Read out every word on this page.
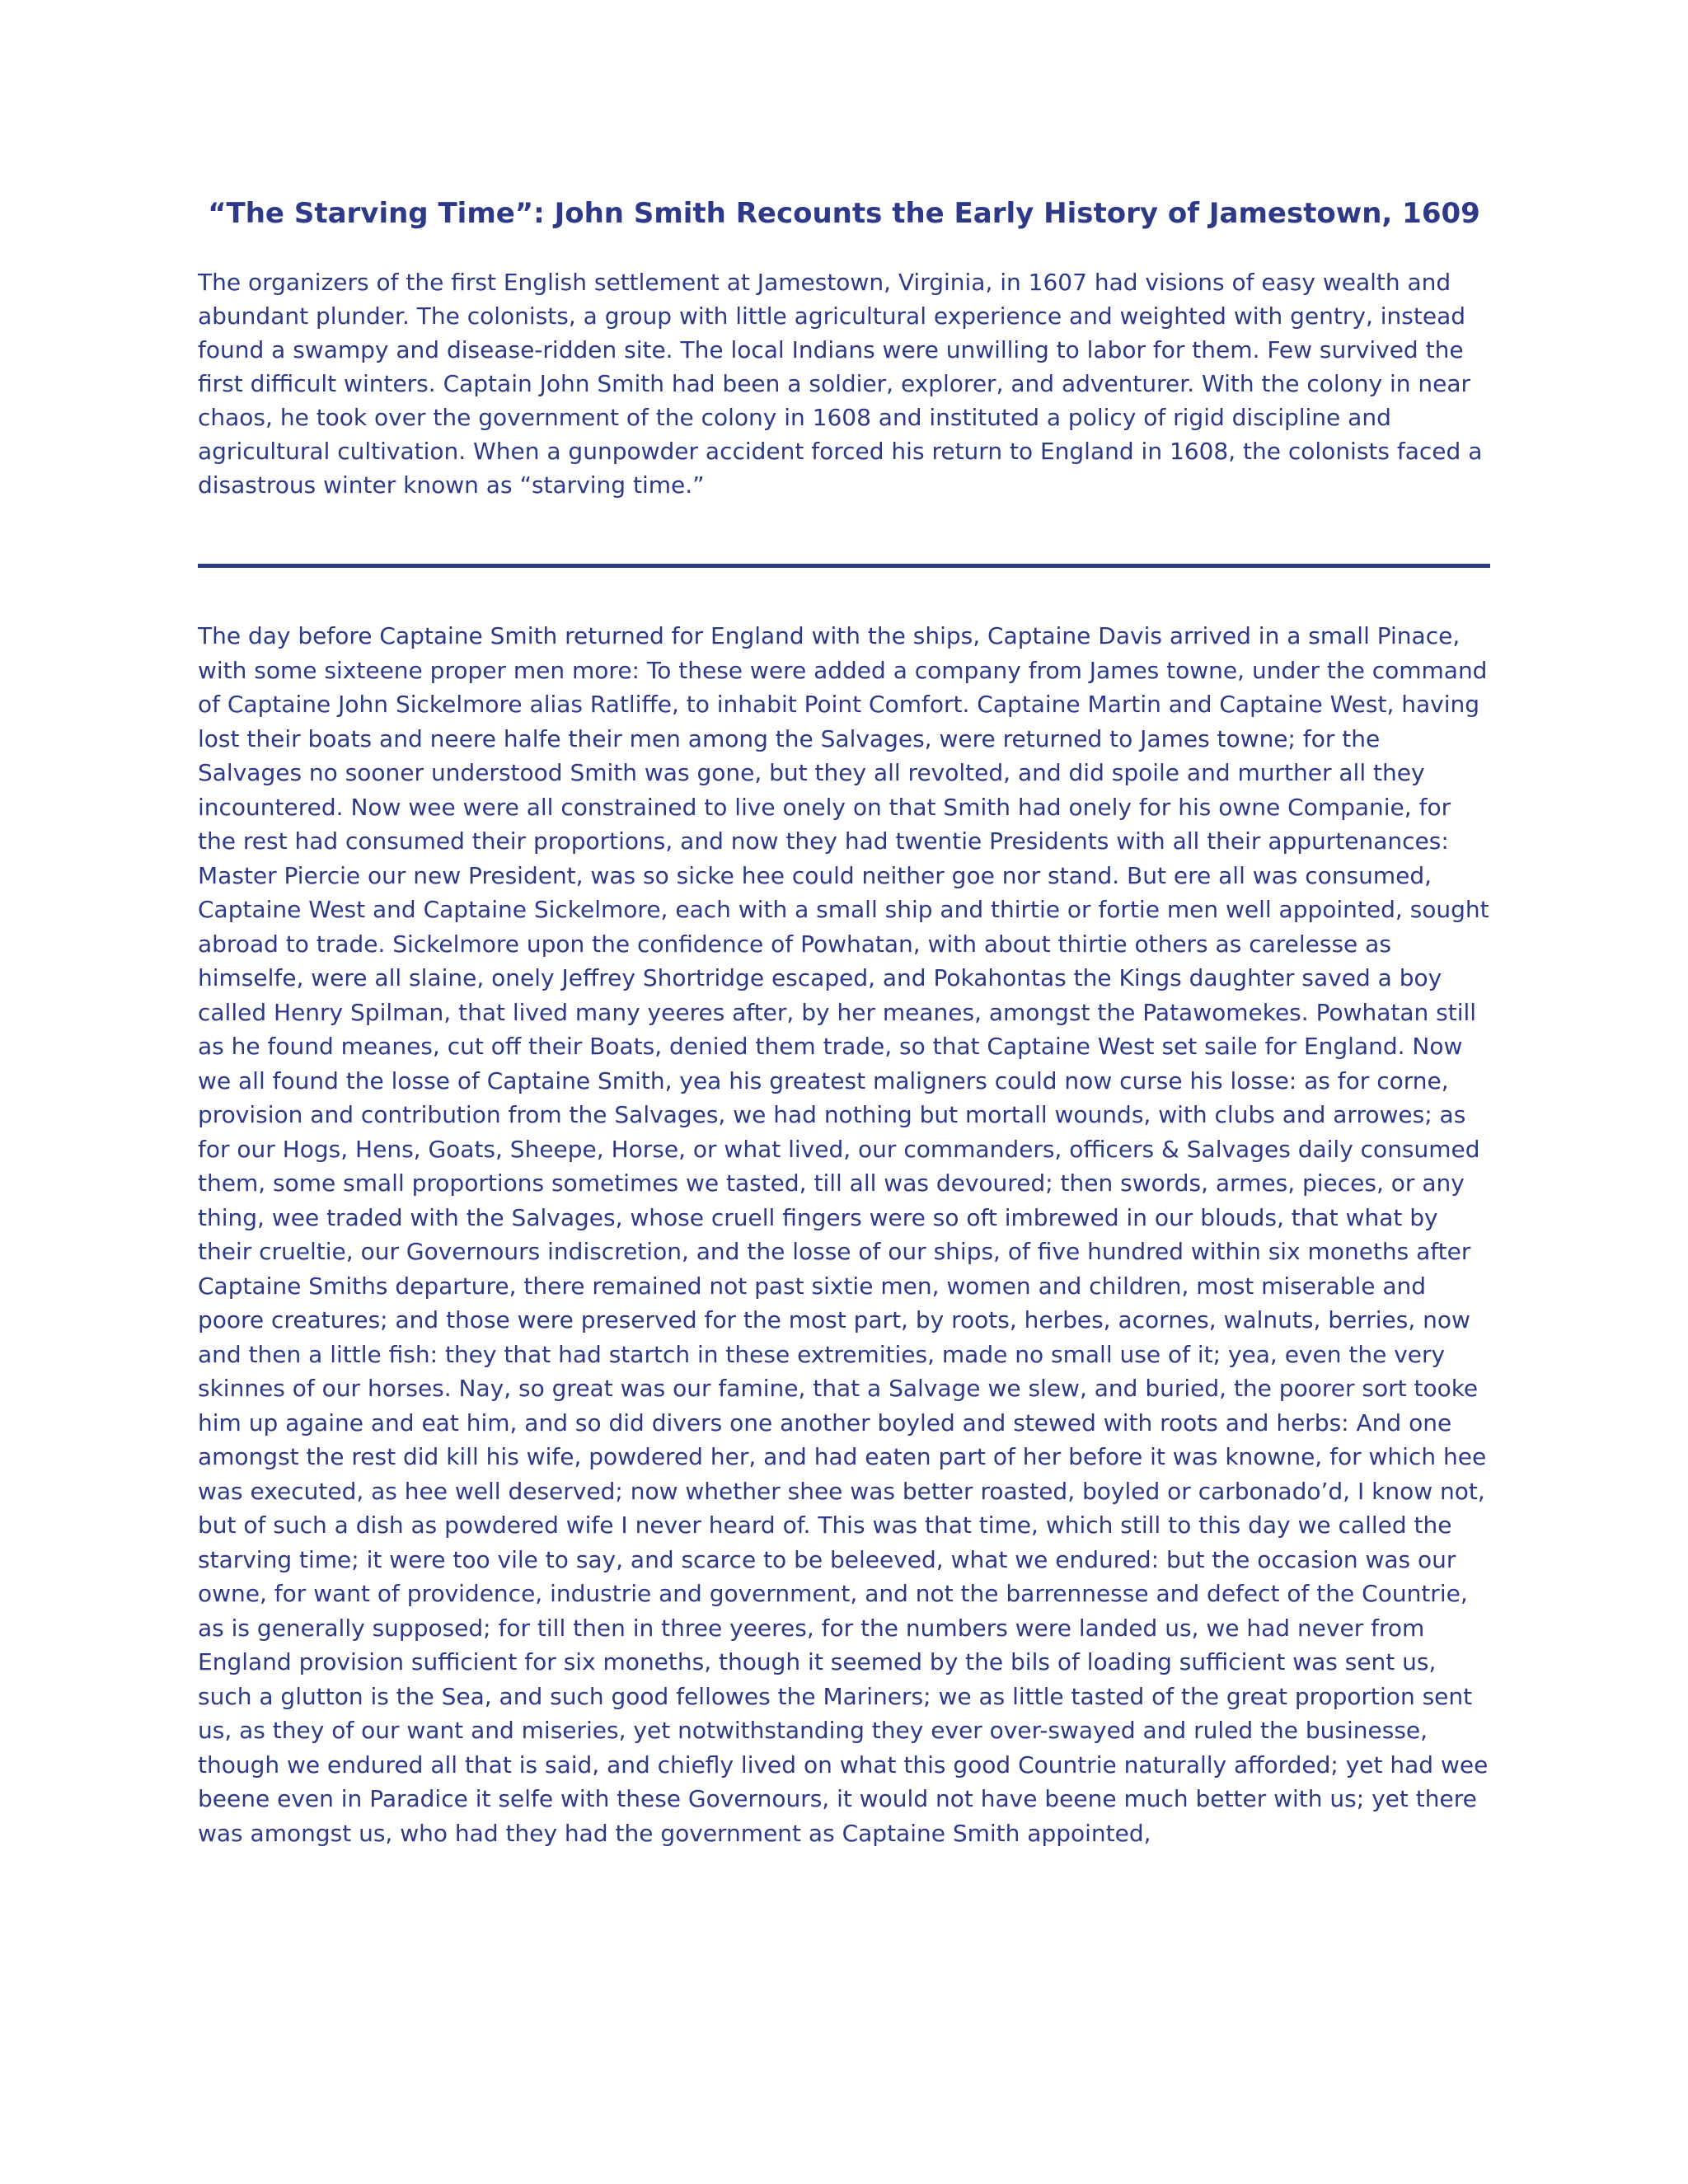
“The Starving Time”: John Smith Recounts the Early History of Jamestown, 1609

The organizers of the first English settlement at Jamestown, Virginia, in 1607 had visions of easy wealth and abundant plunder. The colonists, a group with little agricultural experience and weighted with gentry, instead found a swampy and disease-ridden site. The local Indians were unwilling to labor for them. Few survived the first difficult winters. Captain John Smith had been a soldier, explorer, and adventurer. With the colony in near chaos, he took over the government of the colony in 1608 and instituted a policy of rigid discipline and agricultural cultivation. When a gunpowder accident forced his return to England in 1608, the colonists faced a disastrous winter known as “starving time.”

The day before Captaine Smith returned for England with the ships, Captaine Davis arrived in a small Pinace, with some sixteene proper men more: To these were added a company from James towne, under the command of Captaine John Sickelmore alias Ratliffe, to inhabit Point Comfort. Captaine Martin and Captaine West, having lost their boats and neere halfe their men among the Salvages, were returned to James towne; for the Salvages no sooner understood Smith was gone, but they all revolted, and did spoile and murther all they incountered. Now wee were all constrained to live onely on that Smith had onely for his owne Companie, for the rest had consumed their proportions, and now they had twentie Presidents with all their appurtenances: Master Piercie our new President, was so sicke hee could neither goe nor stand. But ere all was consumed, Captaine West and Captaine Sickelmore, each with a small ship and thirtie or fortie men well appointed, sought abroad to trade. Sickelmore upon the confidence of Powhatan, with about thirtie others as carelesse as himselfe, were all slaine, onely Jeffrey Shortridge escaped, and Pokahontas the Kings daughter saved a boy called Henry Spilman, that lived many yeeres after, by her meanes, amongst the Patawomekes. Powhatan still as he found meanes, cut off their Boats, denied them trade, so that Captaine West set saile for England. Now we all found the losse of Captaine Smith, yea his greatest maligners could now curse his losse: as for corne, provision and contribution from the Salvages, we had nothing but mortall wounds, with clubs and arrowes; as for our Hogs, Hens, Goats, Sheepe, Horse, or what lived, our commanders, officers & Salvages daily consumed them, some small proportions sometimes we tasted, till all was devoured; then swords, armes, pieces, or any thing, wee traded with the Salvages, whose cruell fingers were so oft imbrewed in our blouds, that what by their crueltie, our Governours indiscretion, and the losse of our ships, of five hundred within six moneths after Captaine Smiths departure, there remained not past sixtie men, women and children, most miserable and poore creatures; and those were preserved for the most part, by roots, herbes, acornes, walnuts, berries, now and then a little fish: they that had startch in these extremities, made no small use of it; yea, even the very skinnes of our horses. Nay, so great was our famine, that a Salvage we slew, and buried, the poorer sort tooke him up againe and eat him, and so did divers one another boyled and stewed with roots and herbs: And one amongst the rest did kill his wife, powdered her, and had eaten part of her before it was knowne, for which hee was executed, as hee well deserved; now whether shee was better roasted, boyled or carbonado’d, I know not, but of such a dish as powdered wife I never heard of. This was that time, which still to this day we called the starving time; it were too vile to say, and scarce to be beleeved, what we endured: but the occasion was our owne, for want of providence, industrie and government, and not the barrennesse and defect of the Countrie, as is generally supposed; for till then in three yeeres, for the numbers were landed us, we had never from England provision sufficient for six moneths, though it seemed by the bils of loading sufficient was sent us, such a glutton is the Sea, and such good fellowes the Mariners; we as little tasted of the great proportion sent us, as they of our want and miseries, yet notwithstanding they ever over-swayed and ruled the businesse, though we endured all that is said, and chiefly lived on what this good Countrie naturally afforded; yet had wee beene even in Paradice it selfe with these Governours, it would not have beene much better with us; yet there was amongst us, who had they had the government as Captaine Smith appointed,
